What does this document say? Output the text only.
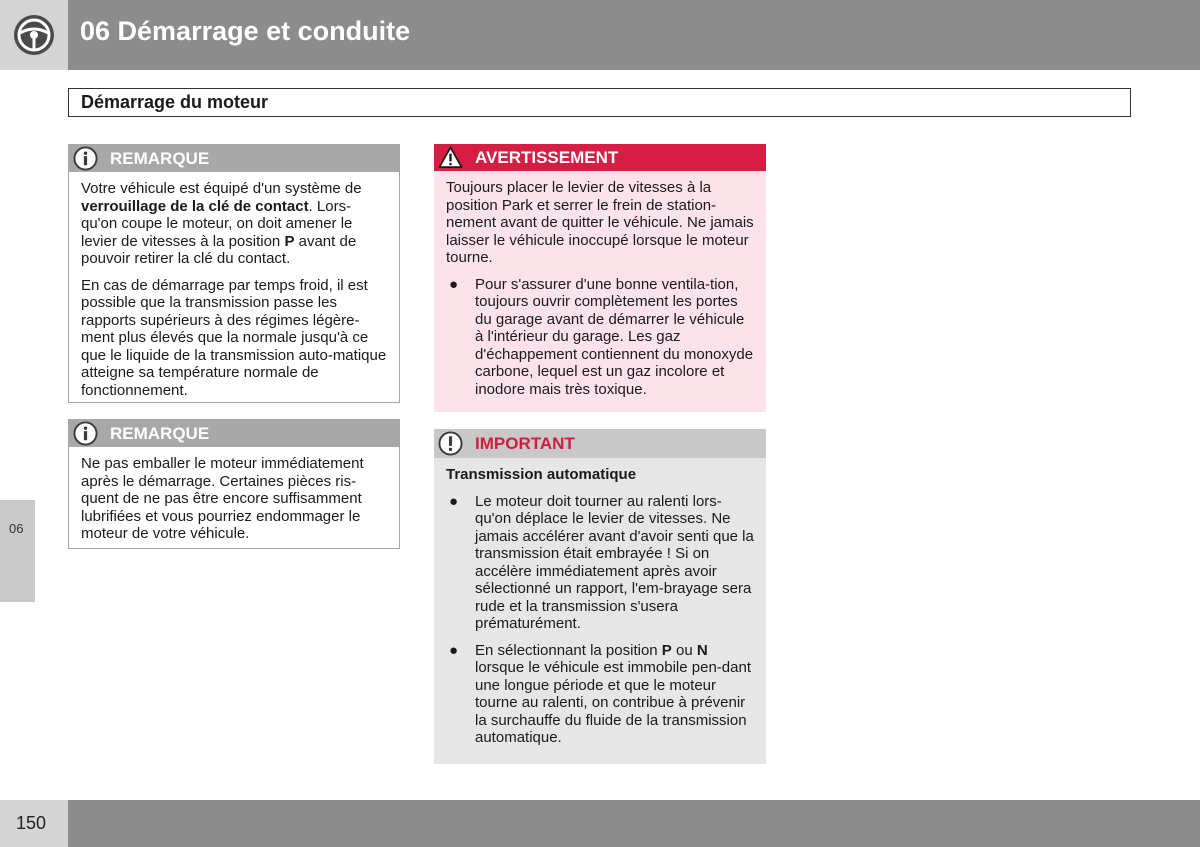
06 Démarrage et conduite
Démarrage du moteur
06
REMARQUE

Votre véhicule est équipé d'un système de verrouillage de la clé de contact. Lors-qu'on coupe le moteur, on doit amener le levier de vitesses à la position P avant de pouvoir retirer la clé du contact.

En cas de démarrage par temps froid, il est possible que la transmission passe les rapports supérieurs à des régimes légère-ment plus élevés que la normale jusqu'à ce que le liquide de la transmission auto-matique atteigne sa température normale de fonctionnement.

REMARQUE

Ne pas emballer le moteur immédiatement après le démarrage. Certaines pièces ris-quent de ne pas être encore suffisamment lubrifiées et vous pourriez endommager le moteur de votre véhicule.

AVERTISSEMENT

Toujours placer le levier de vitesses à la position Park et serrer le frein de station-nement avant de quitter le véhicule. Ne jamais laisser le véhicule inoccupé lorsque le moteur tourne.

● Pour s'assurer d'une bonne ventila-tion, toujours ouvrir complètement les portes du garage avant de démarrer le véhicule à l'intérieur du garage. Les gaz d'échappement contiennent du monoxyde carbone, lequel est un gaz incolore et inodore mais très toxique.
IMPORTANT

Transmission automatique

● Le moteur doit tourner au ralenti lors-qu'on déplace le levier de vitesses. Ne jamais accélérer avant d'avoir senti que la transmission était embrayée ! Si on accélère immédiatement après avoir sélectionné un rapport, l'em-brayage sera rude et la transmission s'usera prématurément.
● En sélectionnant la position P ou N lorsque le véhicule est immobile pen-dant une longue période et que le moteur tourne au ralenti, on contribue à prévenir la surchauffe du fluide de la transmission automatique.
150
